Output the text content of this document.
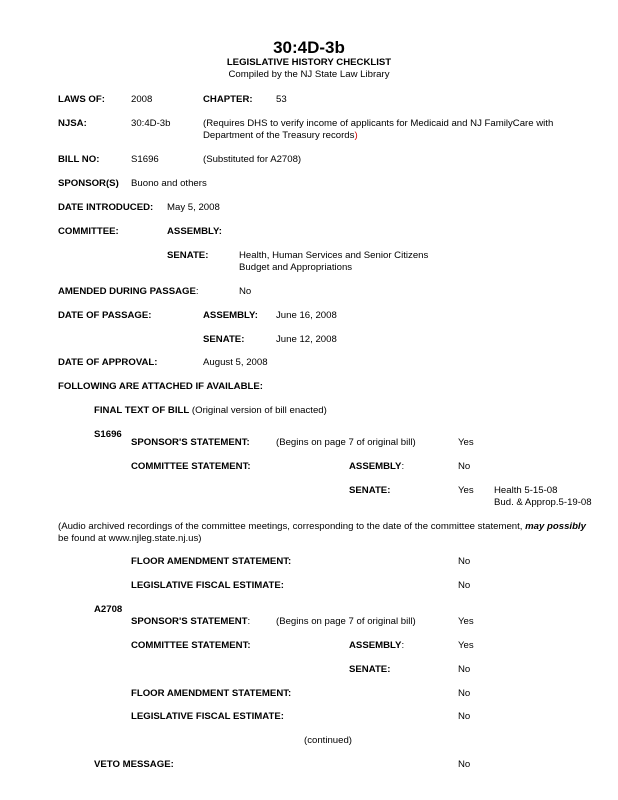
30:4D-3b
LEGISLATIVE HISTORY CHECKLIST
Compiled by the NJ State Law Library
LAWS OF:	2008	CHAPTER: 53
NJSA:	30:4D-3b	(Requires DHS to verify income of applicants for Medicaid and NJ FamilyCare with
Department of the Treasury records)
BILL NO:	S1696	(Substituted for A2708)
SPONSOR(S) Buono and others
DATE INTRODUCED: May 5, 2008
COMMITTEE:	ASSEMBLY:
SENATE:	Health, Human Services and Senior Citizens
Budget and Appropriations
AMENDED DURING PASSAGE:	No
DATE OF PASSAGE:	ASSEMBLY: June 16, 2008
SENATE:	June 12, 2008
DATE OF APPROVAL:	August 5, 2008
FOLLOWING ARE ATTACHED IF AVAILABLE:
FINAL TEXT OF BILL (Original version of bill enacted)
S1696
SPONSOR'S STATEMENT:	(Begins on page 7 of original bill)	Yes
COMMITTEE STATEMENT:	ASSEMBLY:	No
SENATE:	Yes Health 5-15-08
Bud. & Approp.5-19-08
(Audio archived recordings of the committee meetings, corresponding to the date of the committee statement, may possibly
be found at www.njleg.state.nj.us)
FLOOR AMENDMENT STATEMENT:	No
LEGISLATIVE FISCAL ESTIMATE:	No
A2708
SPONSOR'S STATEMENT:	(Begins on page 7 of original bill)	Yes
COMMITTEE STATEMENT:	ASSEMBLY:	Yes
SENATE:	No
FLOOR AMENDMENT STATEMENT:	No
LEGISLATIVE FISCAL ESTIMATE:	No
(continued)
VETO MESSAGE:	No
